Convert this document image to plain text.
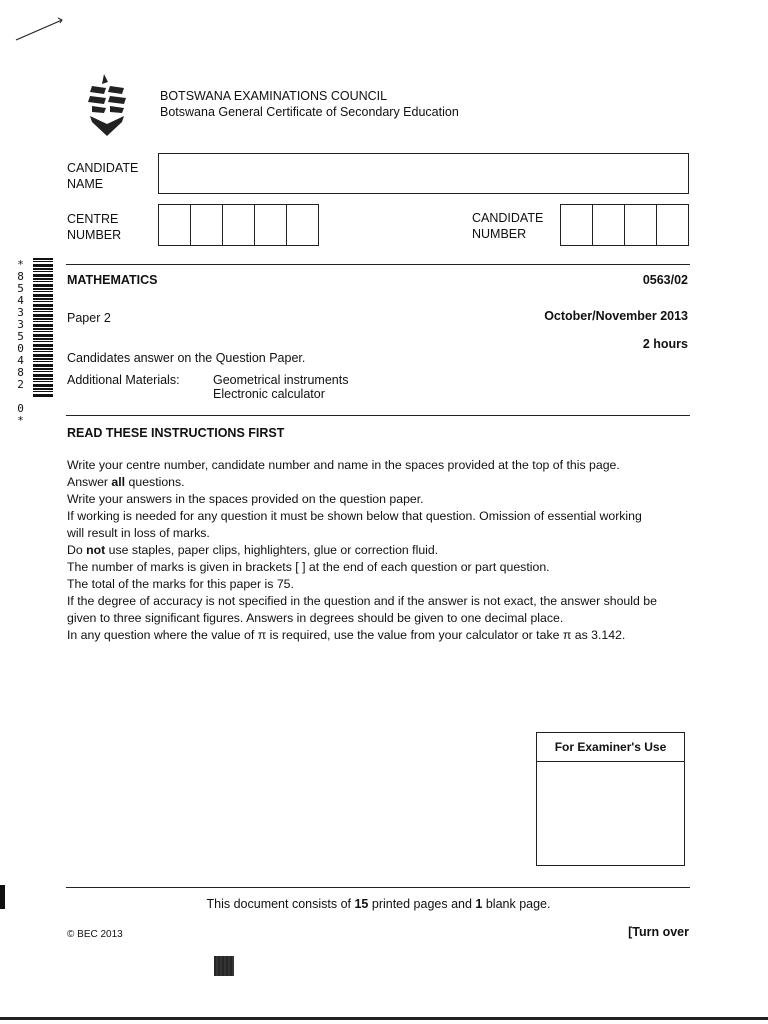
BOTSWANA EXAMINATIONS COUNCIL
Botswana General Certificate of Secondary Education
CANDIDATE
NAME
CENTRE
NUMBER
CANDIDATE
NUMBER
*8543350482 0*	MATHEMATICS	0563/02
Paper 2	October/November 2013
2 hours
Candidates answer on the Question Paper.
Additional Materials:	Geometrical instruments
Electronic calculator
READ THESE INSTRUCTIONS FIRST

Write your centre number, candidate number and name in the spaces provided at the top of this page.

Answer all questions.

Write your answers in the spaces provided on the question paper.

If working is needed for any question it must be shown below that question. Omission of essential working

will result in loss of marks.

Do not use staples, paper clips, highlighters, glue or correction fluid.

The number of marks is given in brackets [ ] at the end of each question or part question.

The total of the marks for this paper is 75.

If the degree of accuracy is not specified in the question and if the answer is not exact, the answer should be

given to three significant figures. Answers in degrees should be given to one decimal place.

In any question where the value of π is required, use the value from your calculator or take π as 3.142.

For Examiner's Use
This document consists of 15 printed pages and 1 blank page.
© BEC 2013	[Turn over
